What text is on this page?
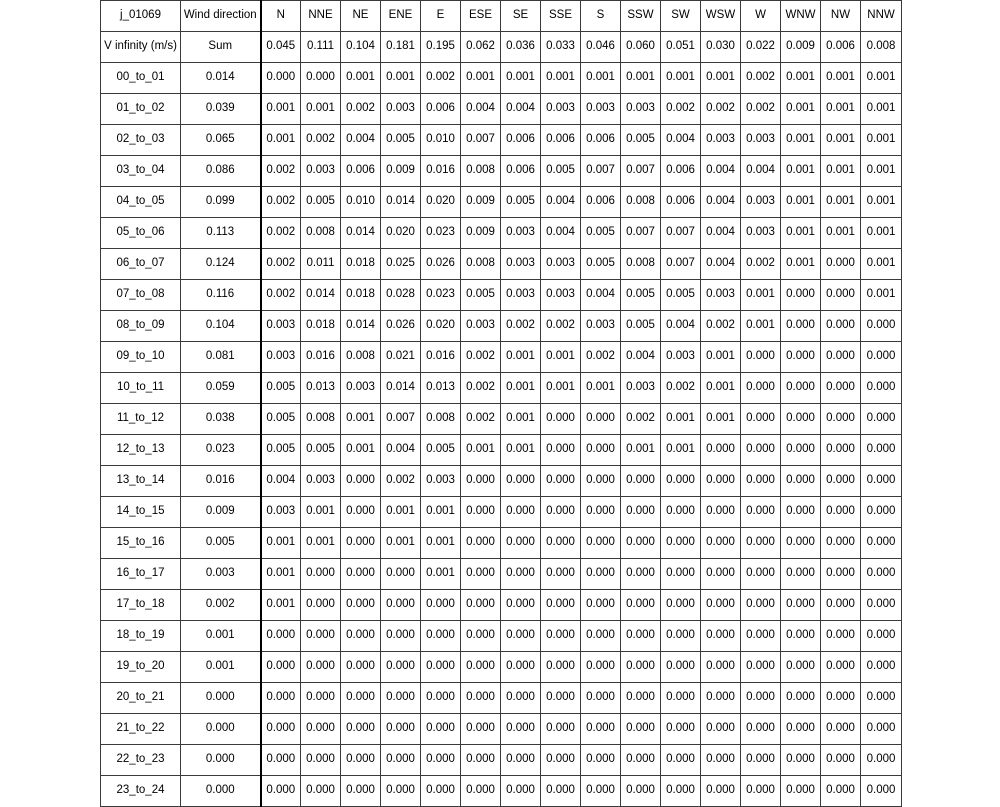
j_01069	Wind direction	N	NNE	NE	ENE	E	ESE	SE	SSE	S	SSW	SW	WSW	W	WNW	NW	NNW
V infinity (m/s)	Sum	0.045	0.111	0.104	0.181	0.195	0.062	0.036	0.033	0.046	0.060	0.051	0.030	0.022	0.009	0.006	0.008
00_to_01	0.014	0.000	0.000	0.001	0.001	0.002	0.001	0.001	0.001	0.001	0.001	0.001	0.001	0.002	0.001	0.001	0.001
01_to_02	0.039	0.001	0.001	0.002	0.003	0.006	0.004	0.004	0.003	0.003	0.003	0.002	0.002	0.002	0.001	0.001	0.001
02_to_03	0.065	0.001	0.002	0.004	0.005	0.010	0.007	0.006	0.006	0.006	0.005	0.004	0.003	0.003	0.001	0.001	0.001
03_to_04	0.086	0.002	0.003	0.006	0.009	0.016	0.008	0.006	0.005	0.007	0.007	0.006	0.004	0.004	0.001	0.001	0.001
04_to_05	0.099	0.002	0.005	0.010	0.014	0.020	0.009	0.005	0.004	0.006	0.008	0.006	0.004	0.003	0.001	0.001	0.001
05_to_06	0.113	0.002	0.008	0.014	0.020	0.023	0.009	0.003	0.004	0.005	0.007	0.007	0.004	0.003	0.001	0.001	0.001
06_to_07	0.124	0.002	0.011	0.018	0.025	0.026	0.008	0.003	0.003	0.005	0.008	0.007	0.004	0.002	0.001	0.000	0.001
07_to_08	0.116	0.002	0.014	0.018	0.028	0.023	0.005	0.003	0.003	0.004	0.005	0.005	0.003	0.001	0.000	0.000	0.001
08_to_09	0.104	0.003	0.018	0.014	0.026	0.020	0.003	0.002	0.002	0.003	0.005	0.004	0.002	0.001	0.000	0.000	0.000
09_to_10	0.081	0.003	0.016	0.008	0.021	0.016	0.002	0.001	0.001	0.002	0.004	0.003	0.001	0.000	0.000	0.000	0.000
10_to_11	0.059	0.005	0.013	0.003	0.014	0.013	0.002	0.001	0.001	0.001	0.003	0.002	0.001	0.000	0.000	0.000	0.000
11_to_12	0.038	0.005	0.008	0.001	0.007	0.008	0.002	0.001	0.000	0.000	0.002	0.001	0.001	0.000	0.000	0.000	0.000
12_to_13	0.023	0.005	0.005	0.001	0.004	0.005	0.001	0.001	0.000	0.000	0.001	0.001	0.000	0.000	0.000	0.000	0.000
13_to_14	0.016	0.004	0.003	0.000	0.002	0.003	0.000	0.000	0.000	0.000	0.000	0.000	0.000	0.000	0.000	0.000	0.000
14_to_15	0.009	0.003	0.001	0.000	0.001	0.001	0.000	0.000	0.000	0.000	0.000	0.000	0.000	0.000	0.000	0.000	0.000
15_to_16	0.005	0.001	0.001	0.000	0.001	0.001	0.000	0.000	0.000	0.000	0.000	0.000	0.000	0.000	0.000	0.000	0.000
16_to_17	0.003	0.001	0.000	0.000	0.000	0.001	0.000	0.000	0.000	0.000	0.000	0.000	0.000	0.000	0.000	0.000	0.000
17_to_18	0.002	0.001	0.000	0.000	0.000	0.000	0.000	0.000	0.000	0.000	0.000	0.000	0.000	0.000	0.000	0.000	0.000
18_to_19	0.001	0.000	0.000	0.000	0.000	0.000	0.000	0.000	0.000	0.000	0.000	0.000	0.000	0.000	0.000	0.000	0.000
19_to_20	0.001	0.000	0.000	0.000	0.000	0.000	0.000	0.000	0.000	0.000	0.000	0.000	0.000	0.000	0.000	0.000	0.000
20_to_21	0.000	0.000	0.000	0.000	0.000	0.000	0.000	0.000	0.000	0.000	0.000	0.000	0.000	0.000	0.000	0.000	0.000
21_to_22	0.000	0.000	0.000	0.000	0.000	0.000	0.000	0.000	0.000	0.000	0.000	0.000	0.000	0.000	0.000	0.000	0.000
22_to_23	0.000	0.000	0.000	0.000	0.000	0.000	0.000	0.000	0.000	0.000	0.000	0.000	0.000	0.000	0.000	0.000	0.000
23_to_24	0.000	0.000	0.000	0.000	0.000	0.000	0.000	0.000	0.000	0.000	0.000	0.000	0.000	0.000	0.000	0.000	0.000
